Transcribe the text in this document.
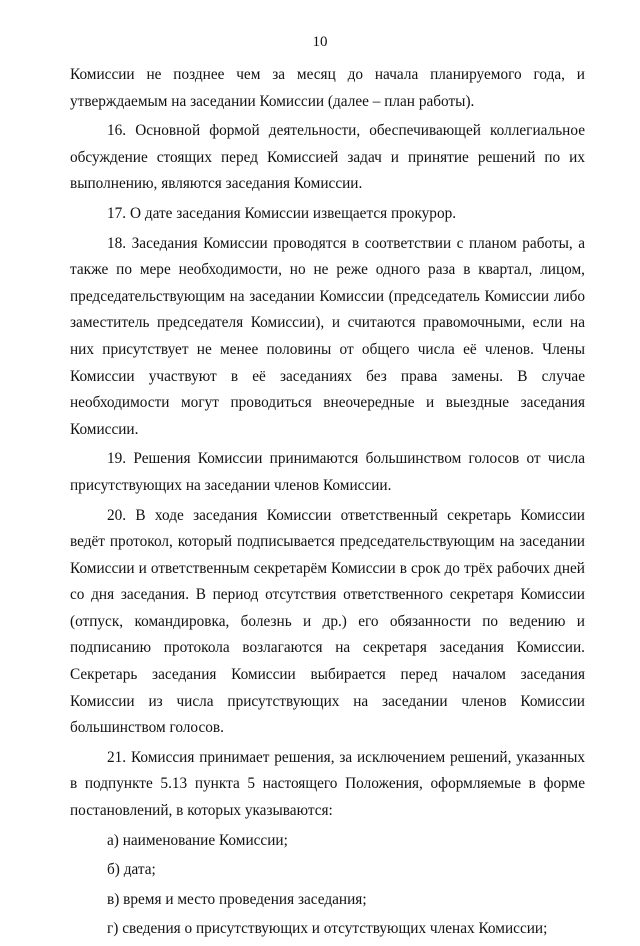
10

Комиссии не позднее чем за месяц до начала планируемого года, и утверждаемым на заседании Комиссии (далее – план работы).

16. Основной формой деятельности, обеспечивающей коллегиальное обсуждение стоящих перед Комиссией задач и принятие решений по их выполнению, являются заседания Комиссии.

17. О дате заседания Комиссии извещается прокурор.

18. Заседания Комиссии проводятся в соответствии с планом работы, а также по мере необходимости, но не реже одного раза в квартал, лицом, председательствующим на заседании Комиссии (председатель Комиссии либо заместитель председателя Комиссии), и считаются правомочными, если на них присутствует не менее половины от общего числа её членов. Члены Комиссии участвуют в её заседаниях без права замены. В случае необходимости могут проводиться внеочередные и выездные заседания Комиссии.

19. Решения Комиссии принимаются большинством голосов от числа присутствующих на заседании членов Комиссии.

20. В ходе заседания Комиссии ответственный секретарь Комиссии ведёт протокол, который подписывается председательствующим на заседании Комиссии и ответственным секретарём Комиссии в срок до трёх рабочих дней со дня заседания. В период отсутствия ответственного секретаря Комиссии (отпуск, командировка, болезнь и др.) его обязанности по ведению и подписанию протокола возлагаются на секретаря заседания Комиссии. Секретарь заседания Комиссии выбирается перед началом заседания Комиссии из числа присутствующих на заседании членов Комиссии большинством голосов.

21. Комиссия принимает решения, за исключением решений, указанных в подпункте 5.13 пункта 5 настоящего Положения, оформляемые в форме постановлений, в которых указываются:

а) наименование Комиссии;

б) дата;

в) время и место проведения заседания;

г) сведения о присутствующих и отсутствующих членах Комиссии;
